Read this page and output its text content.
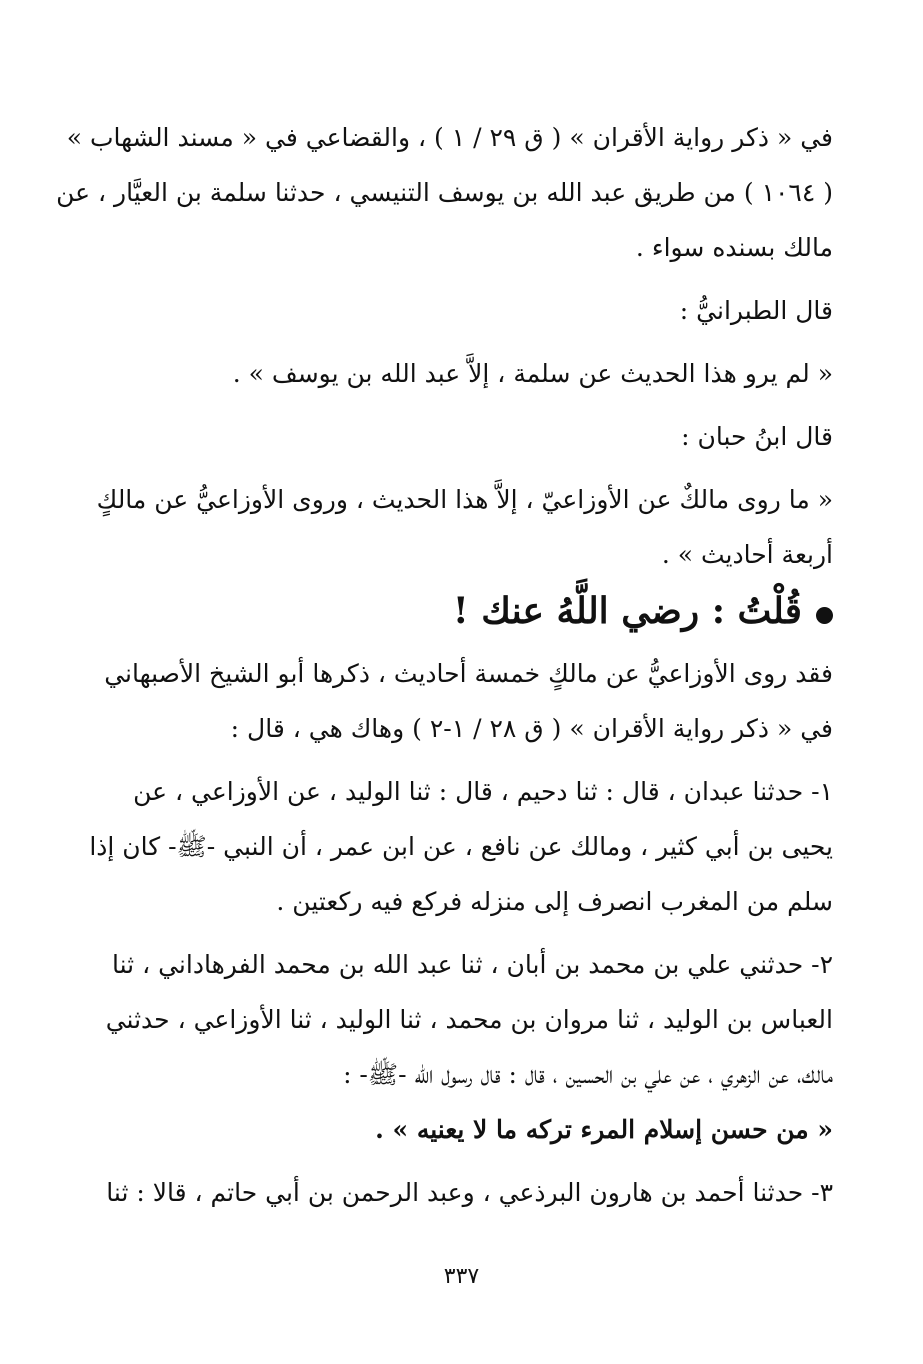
في « ذكر رواية الأقران » ( ق ٢٩ / ١ ) ، والقضاعي في « مسند الشهاب »
( ١٠٦٤ ) من طريق عبد الله بن يوسف التنيسي ، حدثنا سلمة بن العيَّار ، عن
مالك بسنده سواء .
قال الطبرانيُّ :
« لم يرو هذا الحديث عن سلمة ، إلاَّ عبد الله بن يوسف » .
قال ابنُ حبان :
« ما روى مالكٌ عن الأوزاعيّ ، إلاَّ هذا الحديث ، وروى الأوزاعيُّ عن مالكٍ
أربعة أحاديث » .
قُلْتُ : رضي اللَّهُ عنك !
فقد روى الأوزاعيُّ عن مالكٍ خمسة أحاديث ، ذكرها أبو الشيخ الأصبهاني
في « ذكر رواية الأقران » ( ق ٢٨ / ١-٢ ) وهاك هي ، قال :
١- حدثنا عبدان ، قال : ثنا دحيم ، قال : ثنا الوليد ، عن الأوزاعي ، عن
يحيى بن أبي كثير ، ومالك عن نافع ، عن ابن عمر ، أن النبي -ﷺ- كان إذا
سلم من المغرب انصرف إلى منزله فركع فيه ركعتين .
٢- حدثني علي بن محمد بن أبان ، ثنا عبد الله بن محمد الفرهاداني ، ثنا
العباس بن الوليد ، ثنا مروان بن محمد ، ثنا الوليد ، ثنا الأوزاعي ، حدثني
مالك، عن الزهري ، عن علي بن الحسين ، قال : قال رسول الله -ﷺ- :
« من حسن إسلام المرء تركه ما لا يعنيه » .
٣- حدثنا أحمد بن هارون البرذعي ، وعبد الرحمن بن أبي حاتم ، قالا : ثنا
٣٣٧
